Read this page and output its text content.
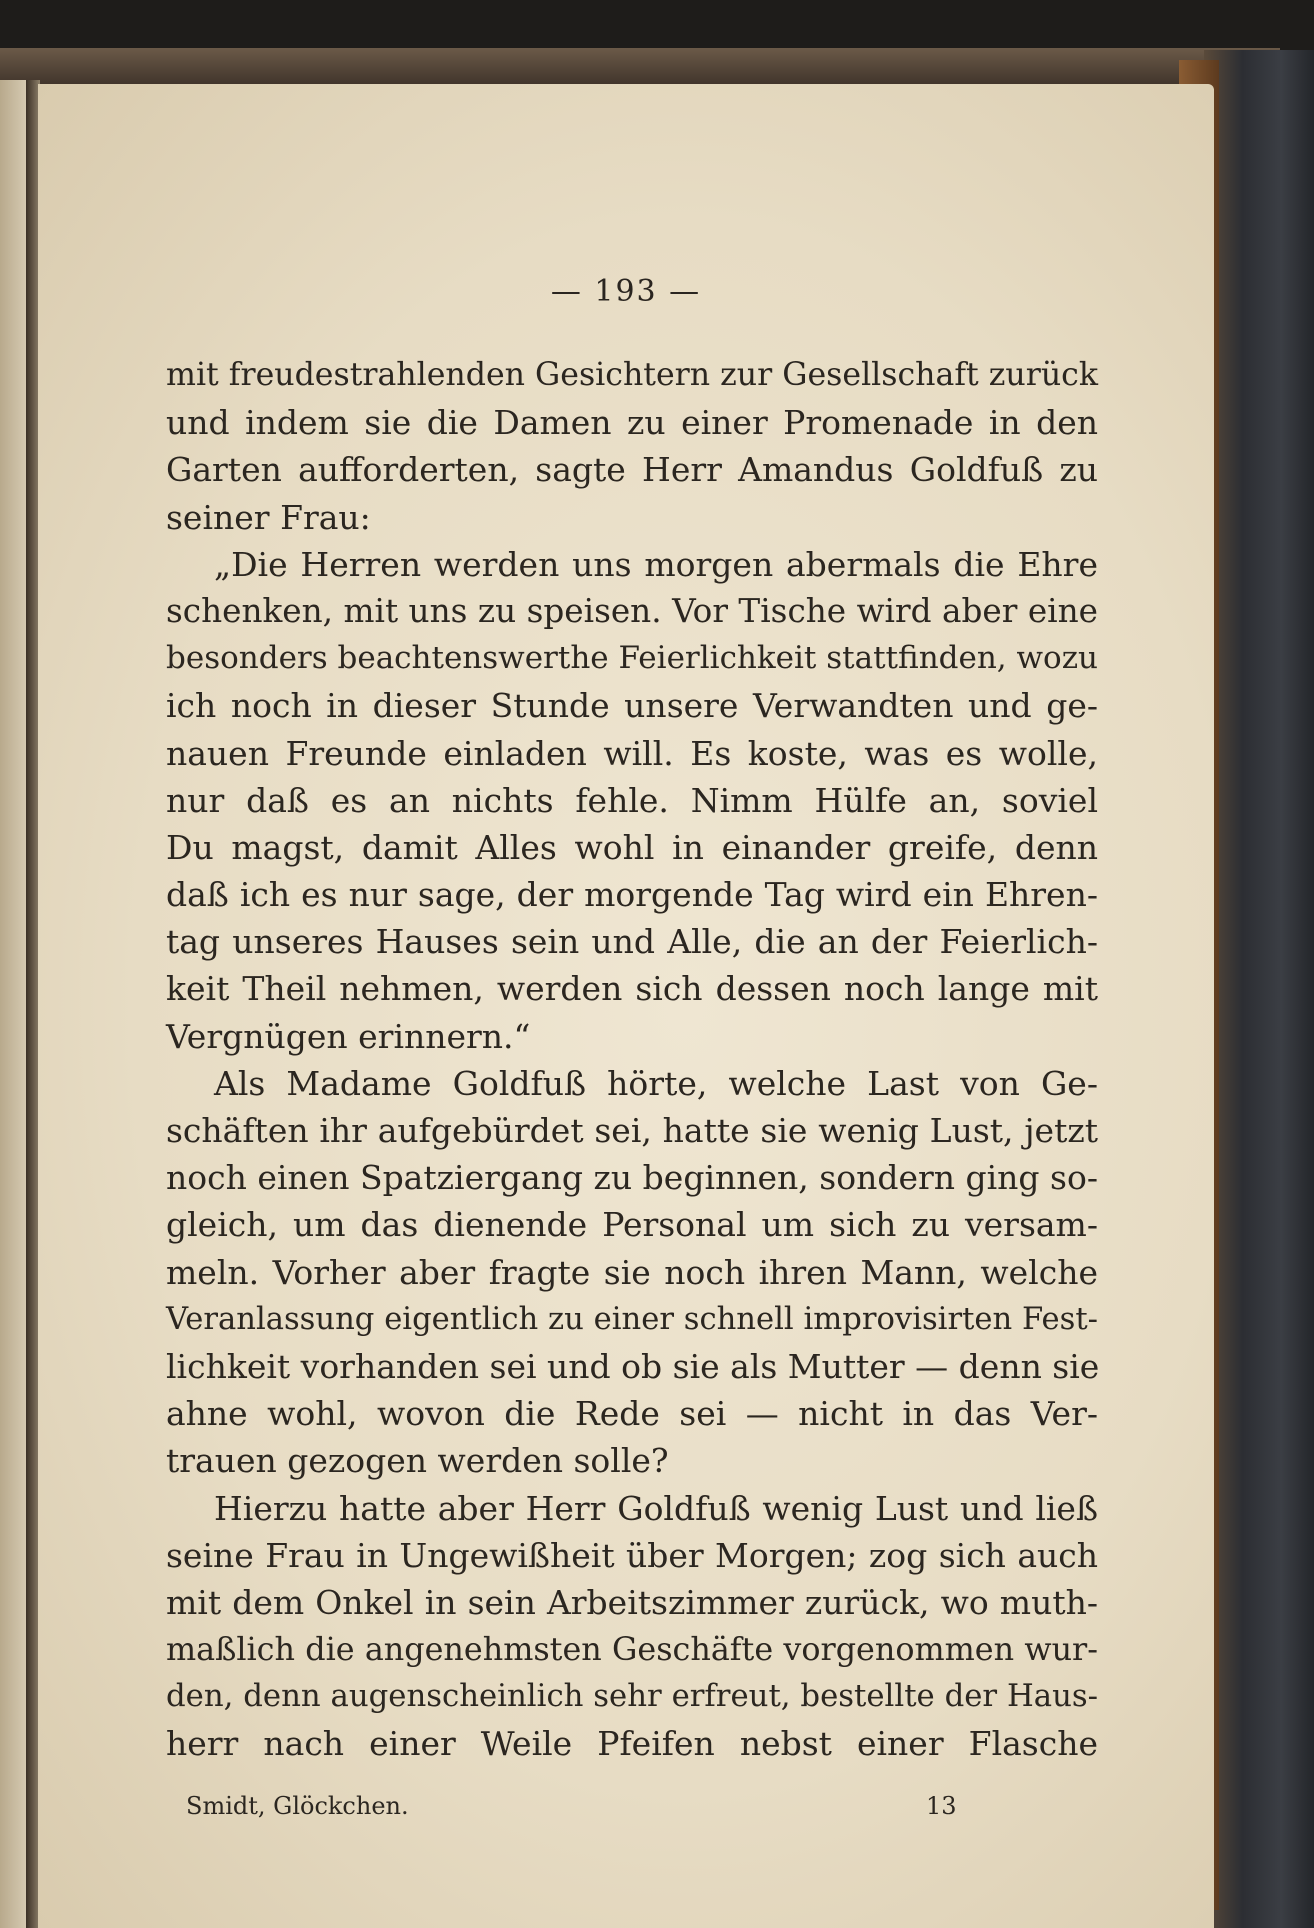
— 193 —
mit freudestrahlenden Gesichtern zur Gesellschaft zurück
und indem sie die Damen zu einer Promenade in den
Garten aufforderten, sagte Herr Amandus Goldfuß zu
seiner Frau:
„Die Herren werden uns morgen abermals die Ehre
schenken, mit uns zu speisen. Vor Tische wird aber eine
besonders beachtenswerthe Feierlichkeit stattfinden, wozu
ich noch in dieser Stunde unsere Verwandten und ge-
nauen Freunde einladen will. Es koste, was es wolle,
nur daß es an nichts fehle. Nimm Hülfe an, soviel
Du magst, damit Alles wohl in einander greife, denn
daß ich es nur sage, der morgende Tag wird ein Ehren-
tag unseres Hauses sein und Alle, die an der Feierlich-
keit Theil nehmen, werden sich dessen noch lange mit
Vergnügen erinnern.“
Als Madame Goldfuß hörte, welche Last von Ge-
schäften ihr aufgebürdet sei, hatte sie wenig Lust, jetzt
noch einen Spatziergang zu beginnen, sondern ging so-
gleich, um das dienende Personal um sich zu versam-
meln. Vorher aber fragte sie noch ihren Mann, welche
Veranlassung eigentlich zu einer schnell improvisirten Fest-
lichkeit vorhanden sei und ob sie als Mutter — denn sie
ahne wohl, wovon die Rede sei — nicht in das Ver-
trauen gezogen werden solle?
Hierzu hatte aber Herr Goldfuß wenig Lust und ließ
seine Frau in Ungewißheit über Morgen; zog sich auch
mit dem Onkel in sein Arbeitszimmer zurück, wo muth-
maßlich die angenehmsten Geschäfte vorgenommen wur-
den, denn augenscheinlich sehr erfreut, bestellte der Haus-
herr nach einer Weile Pfeifen nebst einer Flasche
Smidt, Glöckchen.	13
